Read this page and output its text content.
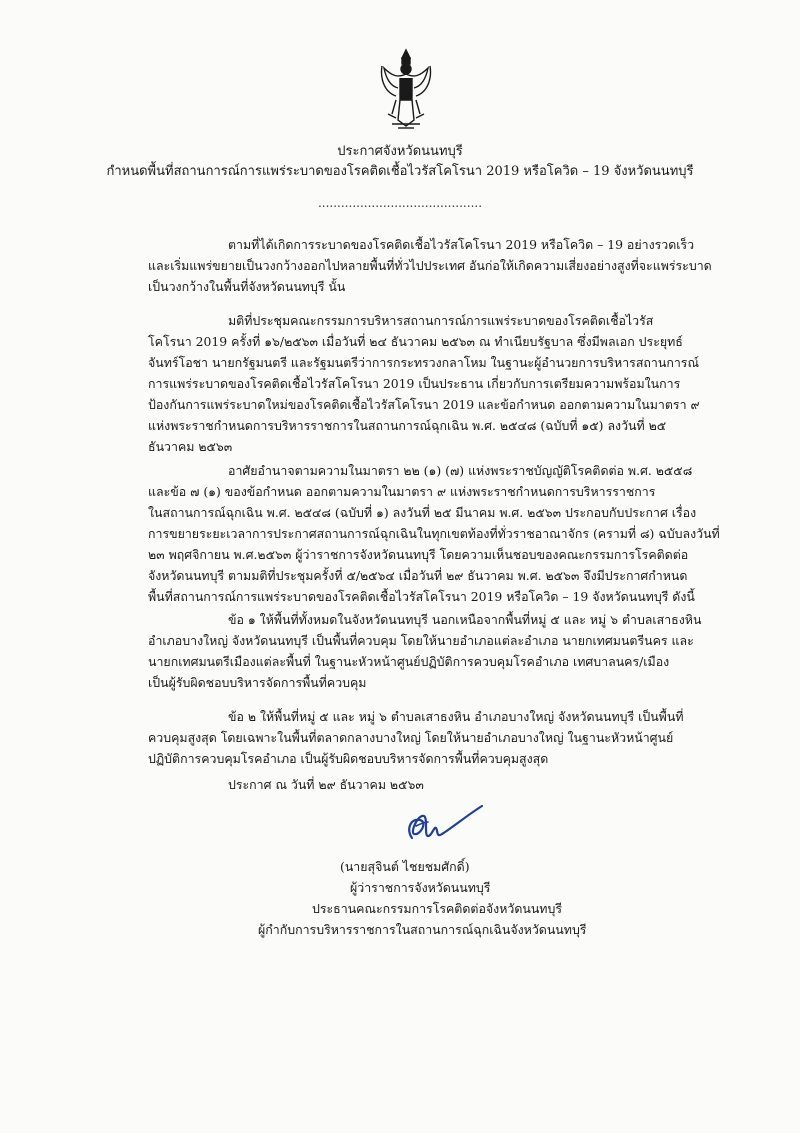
ประกาศจังหวัดนนทบุรี
กำหนดพื้นที่สถานการณ์การแพร่ระบาดของโรคติดเชื้อไวรัสโคโรนา 2019 หรือโควิด – 19 จังหวัดนนทบุรี
...........................................
ตามที่ได้เกิดการระบาดของโรคติดเชื้อไวรัสโคโรนา 2019 หรือโควิด – 19 อย่างรวดเร็ว
และเริ่มแพร่ขยายเป็นวงกว้างออกไปหลายพื้นที่ทั่วไปประเทศ อันก่อให้เกิดความเสี่ยงอย่างสูงที่จะแพร่ระบาด
เป็นวงกว้างในพื้นที่จังหวัดนนทบุรี นั้น
มติที่ประชุมคณะกรรมการบริหารสถานการณ์การแพร่ระบาดของโรคติดเชื้อไวรัส
โคโรนา 2019 ครั้งที่ ๑๖/๒๕๖๓ เมื่อวันที่ ๒๔ ธันวาคม ๒๕๖๓ ณ ทำเนียบรัฐบาล ซึ่งมีพลเอก ประยุทธ์
จันทร์โอชา นายกรัฐมนตรี และรัฐมนตรีว่าการกระทรวงกลาโหม ในฐานะผู้อำนวยการบริหารสถานการณ์
การแพร่ระบาดของโรคติดเชื้อไวรัสโคโรนา 2019 เป็นประธาน เกี่ยวกับการเตรียมความพร้อมในการ
ป้องกันการแพร่ระบาดใหม่ของโรคติดเชื้อไวรัสโคโรนา 2019 และข้อกำหนด ออกตามความในมาตรา ๙
แห่งพระราชกำหนดการบริหารราชการในสถานการณ์ฉุกเฉิน พ.ศ. ๒๕๔๘ (ฉบับที่ ๑๕) ลงวันที่ ๒๕
ธันวาคม ๒๕๖๓
อาศัยอำนาจตามความในมาตรา ๒๒ (๑) (๗) แห่งพระราชบัญญัติโรคติดต่อ พ.ศ. ๒๕๕๘
และข้อ ๗ (๑) ของข้อกำหนด ออกตามความในมาตรา ๙ แห่งพระราชกำหนดการบริหารราชการ
ในสถานการณ์ฉุกเฉิน พ.ศ. ๒๕๔๘ (ฉบับที่ ๑) ลงวันที่ ๒๕ มีนาคม พ.ศ. ๒๕๖๓ ประกอบกับประกาศ เรื่อง
การขยายระยะเวลาการประกาศสถานการณ์ฉุกเฉินในทุกเขตท้องที่ทั่วราชอาณาจักร (ครามที่ ๘) ฉบับลงวันที่
๒๓ พฤศจิกายน พ.ศ.๒๕๖๓ ผู้ว่าราชการจังหวัดนนทบุรี โดยความเห็นชอบของคณะกรรมการโรคติดต่อ
จังหวัดนนทบุรี ตามมติที่ประชุมครั้งที่ ๕/๒๕๖๔ เมื่อวันที่ ๒๙ ธันวาคม พ.ศ. ๒๕๖๓ จึงมีประกาศกำหนด
พื้นที่สถานการณ์การแพร่ระบาดของโรคติดเชื้อไวรัสโคโรนา 2019 หรือโควิด – 19 จังหวัดนนทบุรี ดังนี้
ข้อ ๑ ให้พื้นที่ทั้งหมดในจังหวัดนนทบุรี นอกเหนือจากพื้นที่หมู่ ๕ และ หมู่ ๖ ตำบลเสาธงหิน
อำเภอบางใหญ่ จังหวัดนนทบุรี เป็นพื้นที่ควบคุม โดยให้นายอำเภอแต่ละอำเภอ นายกเทศมนตรีนคร และ
นายกเทศมนตรีเมืองแต่ละพื้นที่ ในฐานะหัวหน้าศูนย์ปฏิบัติการควบคุมโรคอำเภอ เทศบาลนคร/เมือง
เป็นผู้รับผิดชอบบริหารจัดการพื้นที่ควบคุม
ข้อ ๒ ให้พื้นที่หมู่ ๕ และ หมู่ ๖ ตำบลเสาธงหิน อำเภอบางใหญ่ จังหวัดนนทบุรี เป็นพื้นที่
ควบคุมสูงสุด โดยเฉพาะในพื้นที่ตลาดกลางบางใหญ่ โดยให้นายอำเภอบางใหญ่ ในฐานะหัวหน้าศูนย์
ปฏิบัติการควบคุมโรคอำเภอ เป็นผู้รับผิดชอบบริหารจัดการพื้นที่ควบคุมสูงสุด
ประกาศ ณ วันที่ ๒๙ ธันวาคม ๒๕๖๓
(นายสุจินต์ ไชยชมศักดิ์)
ผู้ว่าราชการจังหวัดนนทบุรี
ประธานคณะกรรมการโรคติดต่อจังหวัดนนทบุรี
ผู้กำกับการบริหารราชการในสถานการณ์ฉุกเฉินจังหวัดนนทบุรี
